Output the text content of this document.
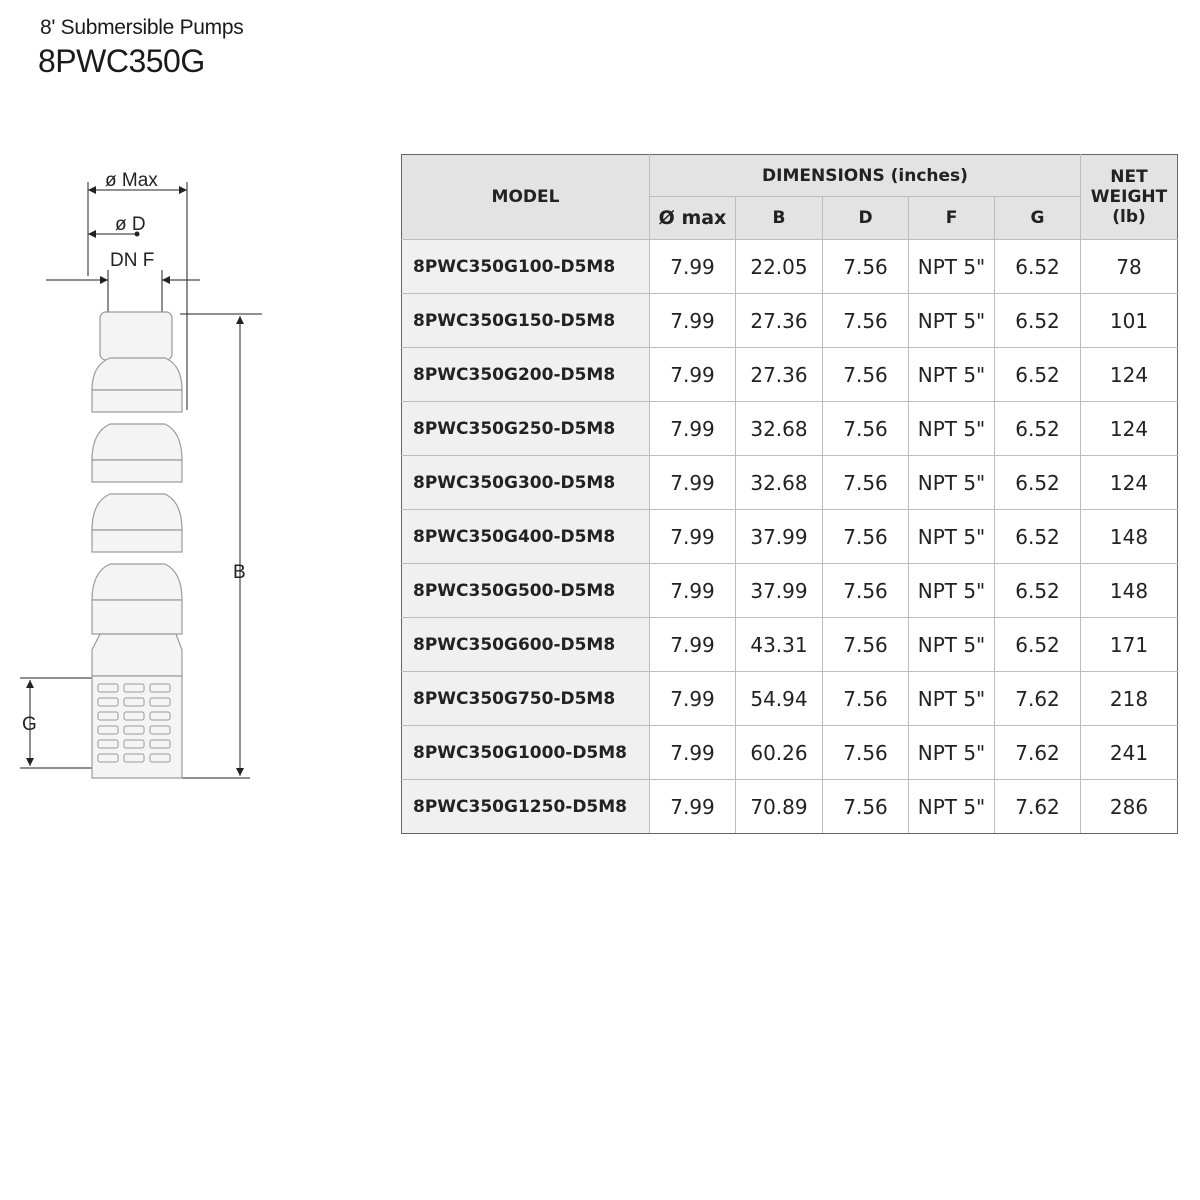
8' Submersible Pumps
8PWC350G
ø Max
ø D
DN F
B
G
MODEL	DIMENSIONS (inches)					NET
WEIGHT
(lb)
	Ø max	B	D	F	G	
8PWC350G100-D5M8	7.99	22.05	7.56	NPT 5"	6.52	78
8PWC350G150-D5M8	7.99	27.36	7.56	NPT 5"	6.52	101
8PWC350G200-D5M8	7.99	27.36	7.56	NPT 5"	6.52	124
8PWC350G250-D5M8	7.99	32.68	7.56	NPT 5"	6.52	124
8PWC350G300-D5M8	7.99	32.68	7.56	NPT 5"	6.52	124
8PWC350G400-D5M8	7.99	37.99	7.56	NPT 5"	6.52	148
8PWC350G500-D5M8	7.99	37.99	7.56	NPT 5"	6.52	148
8PWC350G600-D5M8	7.99	43.31	7.56	NPT 5"	6.52	171
8PWC350G750-D5M8	7.99	54.94	7.56	NPT 5"	7.62	218
8PWC350G1000-D5M8	7.99	60.26	7.56	NPT 5"	7.62	241
8PWC350G1250-D5M8	7.99	70.89	7.56	NPT 5"	7.62	286
